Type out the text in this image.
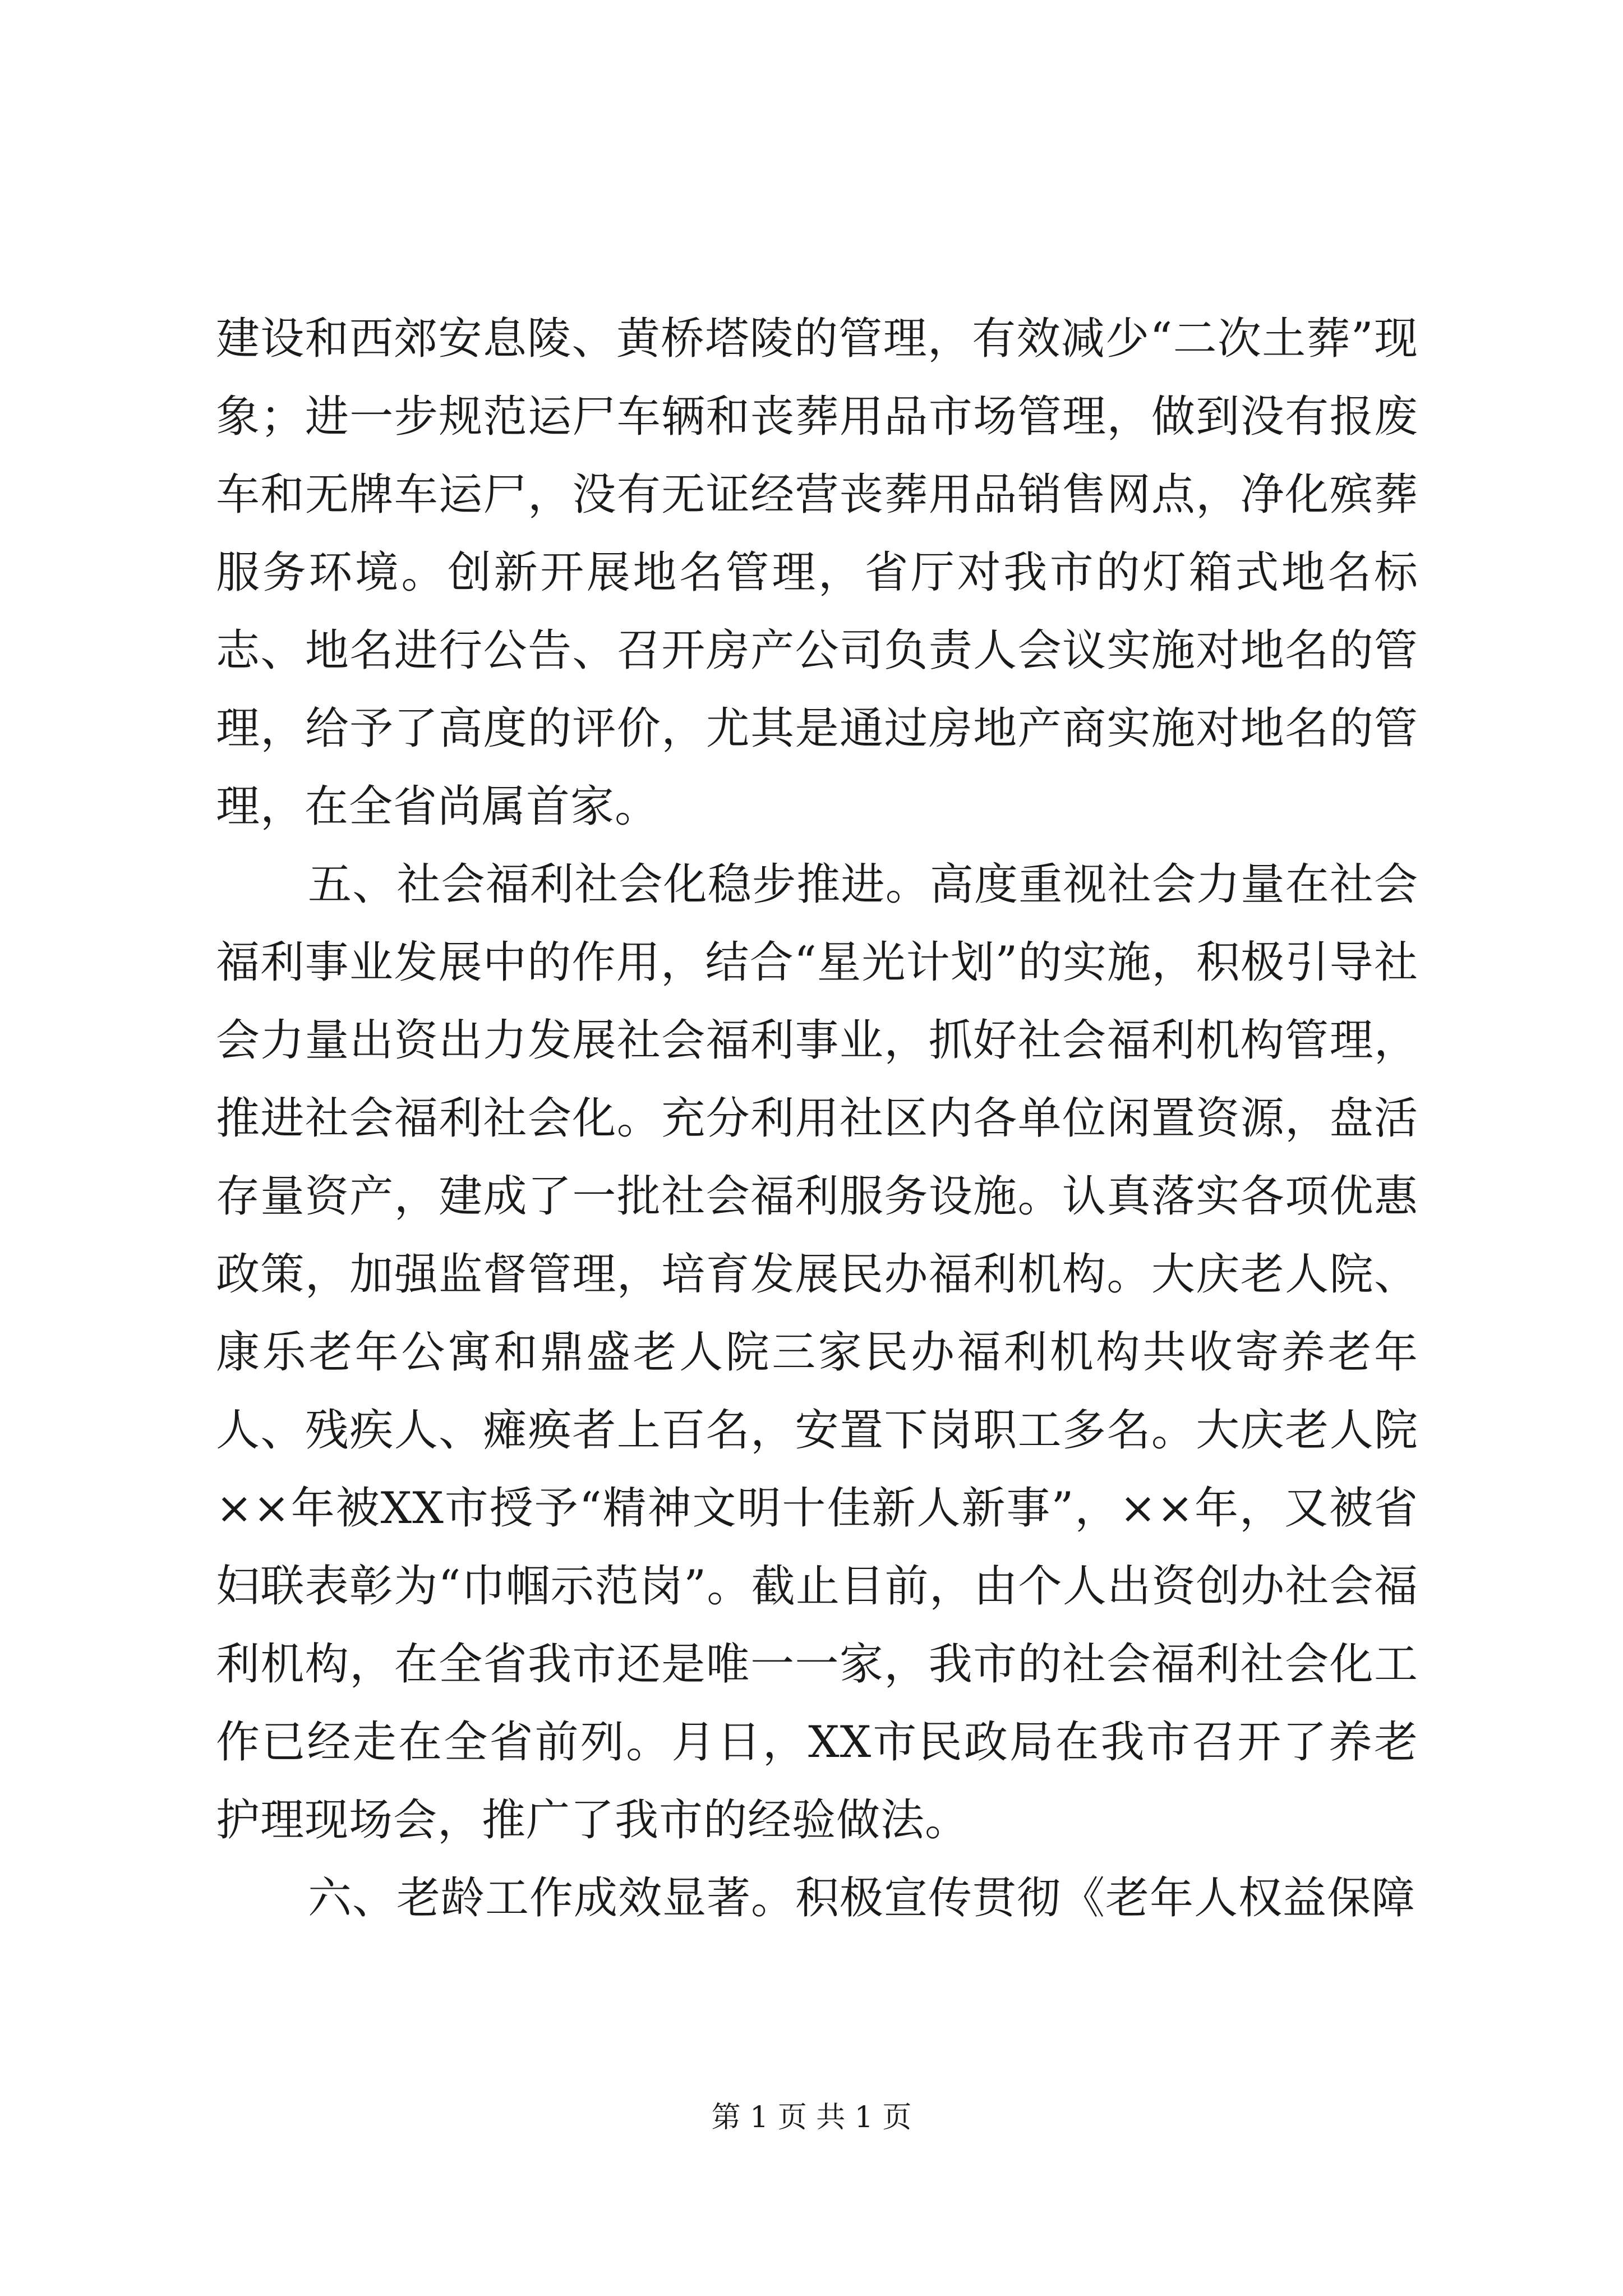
建设和西郊安息陵、黄桥塔陵的管理，有效减少“二次土葬”现象；进一步规范运尸车辆和丧葬用品市场管理，做到没有报废车和无牌车运尸，没有无证经营丧葬用品销售网点，净化殡葬服务环境。创新开展地名管理，省厅对我市的灯箱式地名标志、地名进行公告、召开房产公司负责人会议实施对地名的管理，给予了高度的评价，尤其是通过房地产商实施对地名的管理，在全省尚属首家。

五、社会福利社会化稳步推进。高度重视社会力量在社会福利事业发展中的作用，结合“星光计划”的实施，积极引导社会力量出资出力发展社会福利事业，抓好社会福利机构管理，推进社会福利社会化。充分利用社区内各单位闲置资源，盘活存量资产，建成了一批社会福利服务设施。认真落实各项优惠政策，加强监督管理，培育发展民办福利机构。大庆老人院、康乐老年公寓和鼎盛老人院三家民办福利机构共收寄养老年人、残疾人、瘫痪者上百名，安置下岗职工多名。大庆老人院××年被XX市授予“精神文明十佳新人新事”，××年，又被省妇联表彰为“巾帼示范岗”。截止目前，由个人出资创办社会福利机构，在全省我市还是唯一一家，我市的社会福利社会化工作已经走在全省前列。月日，XX市民政局在我市召开了养老护理现场会，推广了我市的经验做法。

六、老龄工作成效显著。积极宣传贯彻《老年人权益保障

第 1 页 共 1 页
